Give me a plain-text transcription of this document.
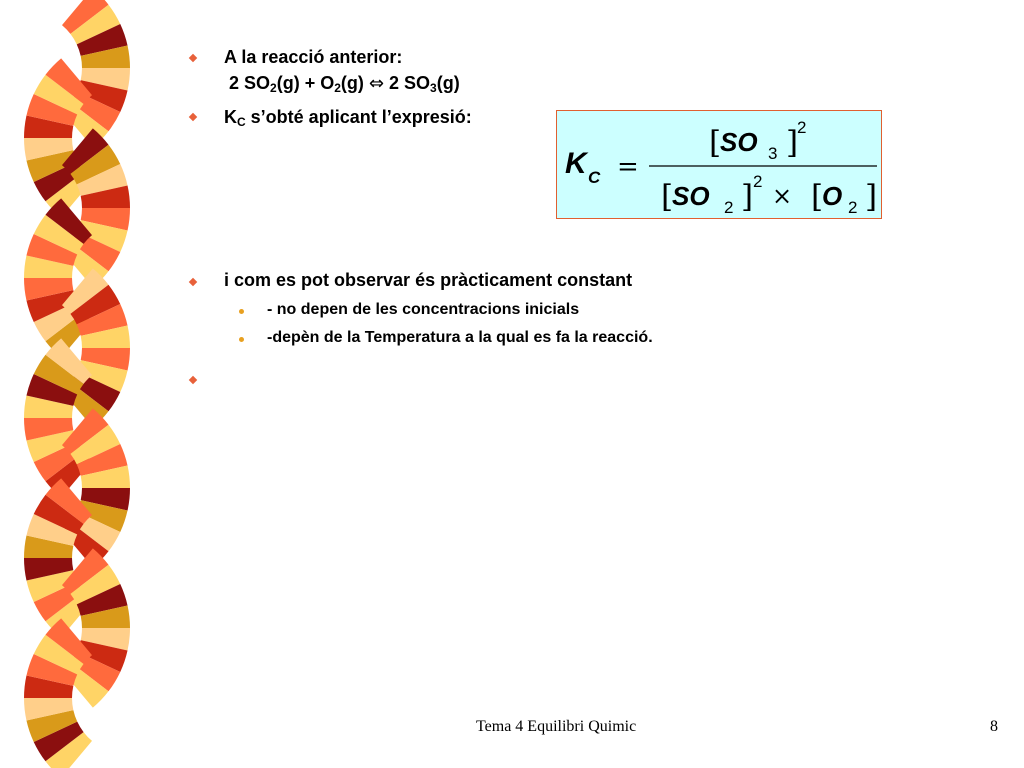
A la reacció anterior:
2 $SO_2(g) + O_2(g)$ ⇔ 2 $SO_3(g)$
$K_C$ s’obté aplicant l’expresió:
K C =
[
SO 3 ]
2
[
SO 2 ] 2
× [
O 2 ]
i com es pot observar és pràcticament constant
- no depen de les concentracions inicials
-depèn de la Temperatura a la qual es fa la reacció.
Tema 4 Equilibri Quimic	8
